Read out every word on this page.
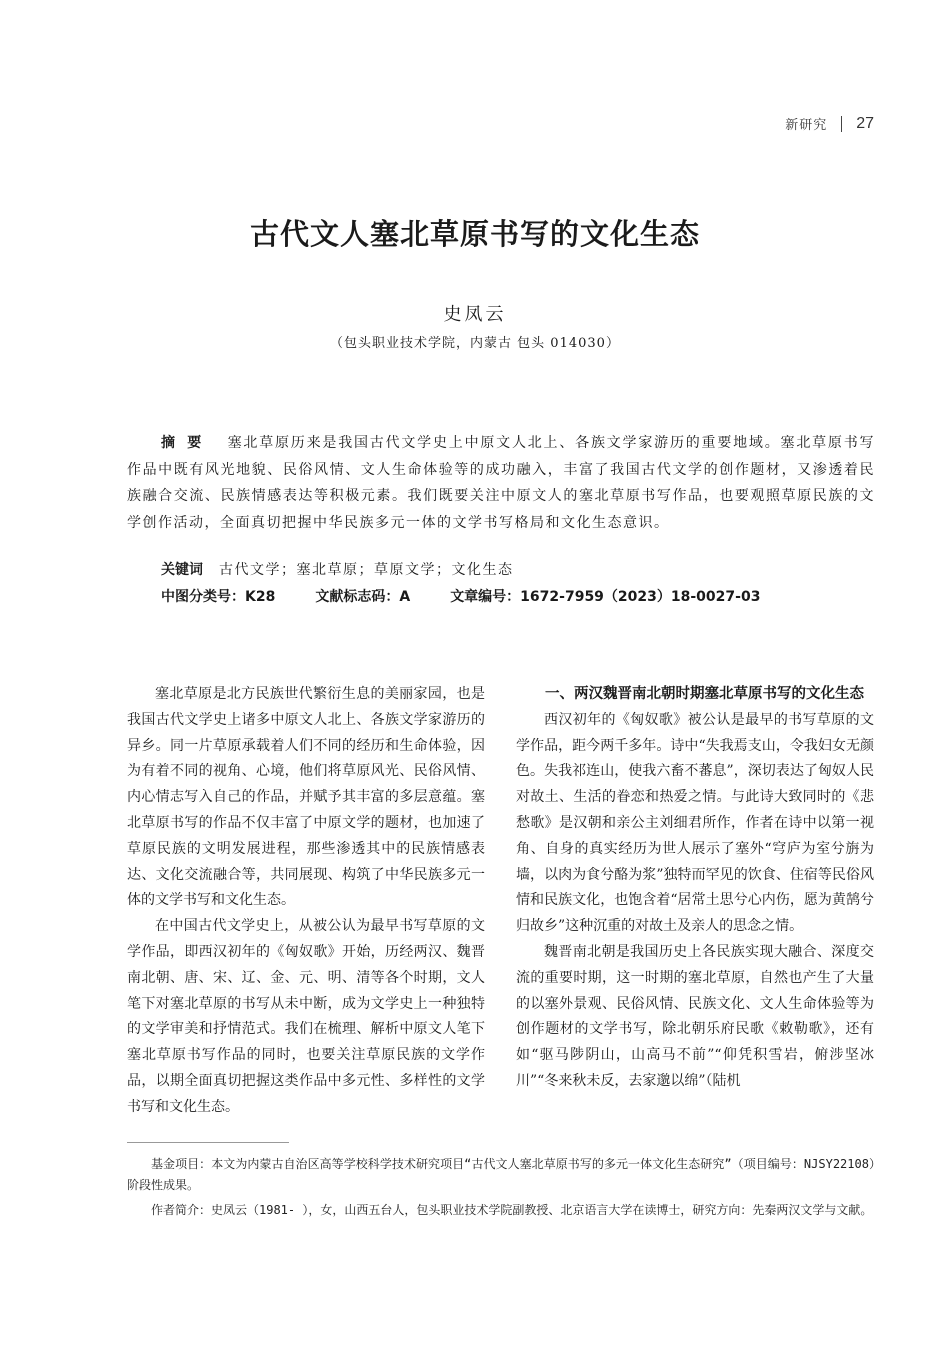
新研究 27
古代文人塞北草原书写的文化生态
史凤云
（包头职业技术学院，内蒙古 包头 014030）
摘要 塞北草原历来是我国古代文学史上中原文人北上、各族文学家游历的重要地域。塞北草原书写作品中既有风光地貌、民俗风情、文人生命体验等的成功融入，丰富了我国古代文学的创作题材，又渗透着民族融合交流、民族情感表达等积极元素。我们既要关注中原文人的塞北草原书写作品，也要观照草原民族的文学创作活动，全面真切把握中华民族多元一体的文学书写格局和文化生态意识。
关键词 古代文学；塞北草原；草原文学；文化生态
中图分类号：K28	文献标志码：A	文章编号：1672-7959（2023）18-0027-03

塞北草原是北方民族世代繁衍生息的美丽家园，也是我国古代文学史上诸多中原文人北上、各族文学家游历的异乡。同一片草原承载着人们不同的经历和生命体验，因为有着不同的视角、心境，他们将草原风光、民俗风情、内心情志写入自己的作品，并赋予其丰富的多层意蕴。塞北草原书写的作品不仅丰富了中原文学的题材，也加速了草原民族的文明发展进程，那些渗透其中的民族情感表达、文化交流融合等，共同展现、构筑了中华民族多元一体的文学书写和文化生态。

在中国古代文学史上，从被公认为最早书写草原的文学作品，即西汉初年的《匈奴歌》开始，历经两汉、魏晋南北朝、唐、宋、辽、金、元、明、清等各个时期，文人笔下对塞北草原的书写从未中断，成为文学史上一种独特的文学审美和抒情范式。我们在梳理、解析中原文人笔下塞北草原书写作品的同时，也要关注草原民族的文学作品，以期全面真切把握这类作品中多元性、多样性的文学书写和文化生态。

一、两汉魏晋南北朝时期塞北草原书写的文化生态

西汉初年的《匈奴歌》被公认是最早的书写草原的文学作品，距今两千多年。诗中“失我焉支山，令我妇女无颜色。失我祁连山，使我六畜不蕃息”，深切表达了匈奴人民对故土、生活的眷恋和热爱之情。与此诗大致同时的《悲愁歌》是汉朝和亲公主刘细君所作，作者在诗中以第一视角、自身的真实经历为世人展示了塞外“穹庐为室兮旃为墙，以肉为食兮酪为浆”独特而罕见的饮食、住宿等民俗风情和民族文化，也饱含着“居常土思兮心内伤，愿为黄鹄兮归故乡”这种沉重的对故土及亲人的思念之情。

魏晋南北朝是我国历史上各民族实现大融合、深度交流的重要时期，这一时期的塞北草原，自然也产生了大量的以塞外景观、民俗风情、民族文化、文人生命体验等为创作题材的文学书写，除北朝乐府民歌《敕勒歌》，还有如“驱马陟阴山，山高马不前”“仰凭积雪岩，俯涉坚冰川”“冬来秋未反，去家邈以绵”（陆机

基金项目：本文为内蒙古自治区高等学校科学技术研究项目“古代文人塞北草原书写的多元一体文化生态研究”（项目编号：NJSY22108）阶段性成果。

作者简介：史凤云（1981- ），女，山西五台人，包头职业技术学院副教授、北京语言大学在读博士，研究方向：先秦两汉文学与文献。
